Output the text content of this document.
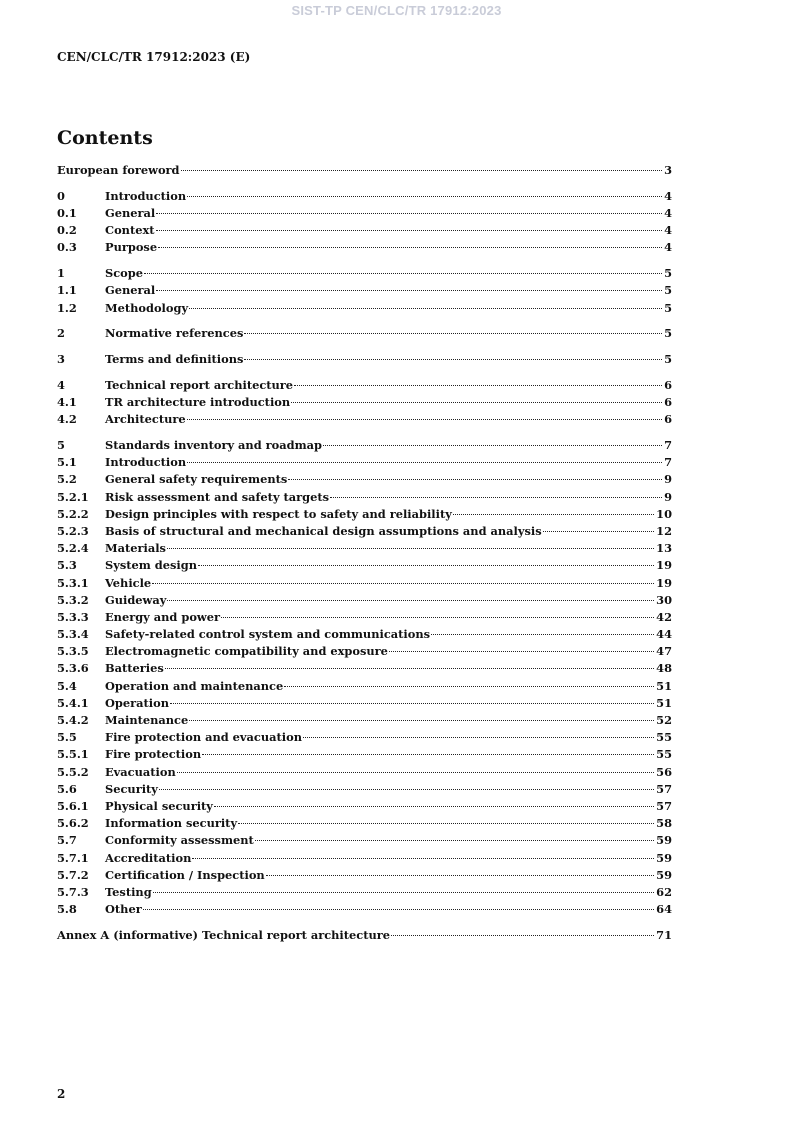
SIST-TP CEN/CLC/TR 17912:2023
CEN/CLC/TR 17912:2023 (E)
Contents
European foreword	3
0	Introduction	4
0.1	General	4
0.2	Context	4
0.3	Purpose	4
1	Scope	5
1.1	General	5
1.2	Methodology	5
2	Normative references	5
3	Terms and definitions	5
4	Technical report architecture	6
4.1	TR architecture introduction	6
4.2	Architecture	6
5	Standards inventory and roadmap	7
5.1	Introduction	7
5.2	General safety requirements	9
5.2.1	Risk assessment and safety targets	9
5.2.2	Design principles with respect to safety and reliability	10
5.2.3	Basis of structural and mechanical design assumptions and analysis	12
5.2.4	Materials	13
5.3	System design	19
5.3.1	Vehicle	19
5.3.2	Guideway	30
5.3.3	Energy and power	42
5.3.4	Safety-related control system and communications	44
5.3.5	Electromagnetic compatibility and exposure	47
5.3.6	Batteries	48
5.4	Operation and maintenance	51
5.4.1	Operation	51
5.4.2	Maintenance	52
5.5	Fire protection and evacuation	55
5.5.1	Fire protection	55
5.5.2	Evacuation	56
5.6	Security	57
5.6.1	Physical security	57
5.6.2	Information security	58
5.7	Conformity assessment	59
5.7.1	Accreditation	59
5.7.2	Certification / Inspection	59
5.7.3	Testing	62
5.8	Other	64
Annex A (informative) Technical report architecture	71
2
